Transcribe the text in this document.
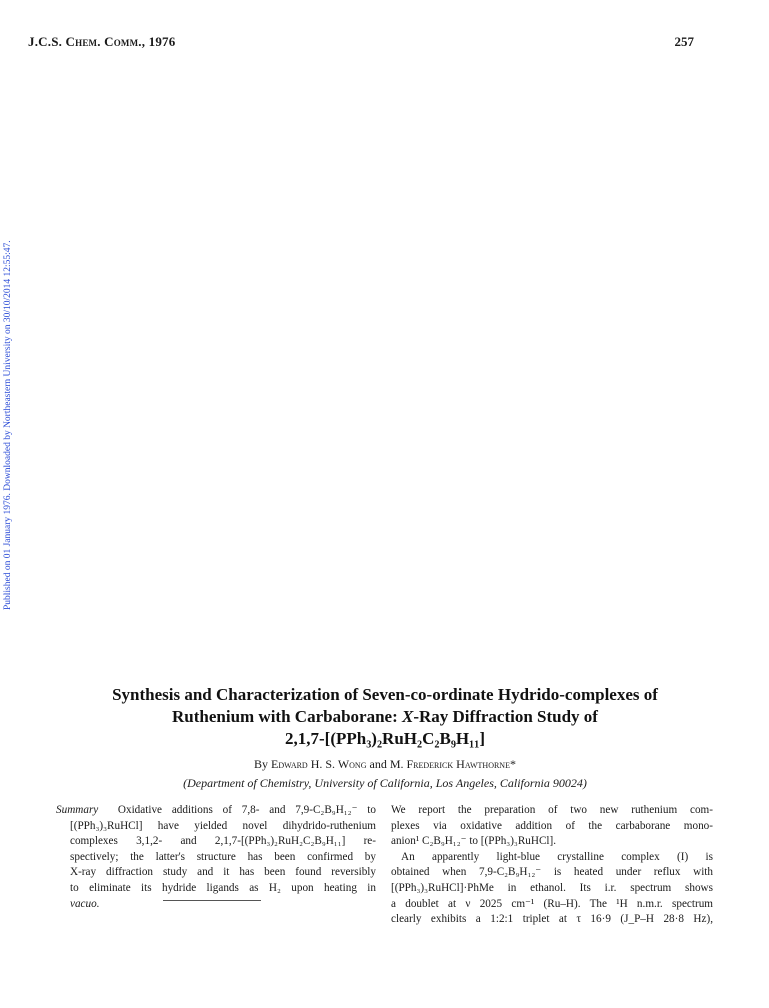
J.C.S. Chem. Comm., 1976	257
Published on 01 January 1976. Downloaded by Northeastern University on 30/10/2014 12:55:47.
Synthesis and Characterization of Seven-co-ordinate Hydrido-complexes of
Ruthenium with Carbaborane: X-Ray Diffraction Study of
2,1,7-[(PPh₃)₂RuH₂C₂B₉H₁₁]
By Edward H. S. Wong and M. Frederick Hawthorne*
(Department of Chemistry, University of California, Los Angeles, California 90024)
Summary Oxidative additions of 7,8- and 7,9-C₂B₉H₁₂⁻ to
[(PPh₃)₃RuHCl] have yielded novel dihydrido-ruthenium
complexes 3,1,2- and 2,1,7-[(PPh₃)₂RuH₂C₂B₉H₁₁] re-
spectively; the latter's structure has been confirmed by
X-ray diffraction study and it has been found reversibly
to eliminate its hydride ligands as H₂ upon heating in
vacuo.
We report the preparation of two new ruthenium com-
plexes via oxidative addition of the carbaborane mono-
anion¹ C₂B₉H₁₂⁻ to [(PPh₃)₃RuHCl].
An apparently light-blue crystalline complex (I) is
obtained when 7,9-C₂B₉H₁₂⁻ is heated under reflux with
[(PPh₃)₃RuHCl]·PhMe in ethanol. Its i.r. spectrum shows
a doublet at ν 2025 cm⁻¹ (Ru–H). The ¹H n.m.r. spectrum
clearly exhibits a 1:2:1 triplet at τ 16·9 (J_P–H 28·8 Hz),
